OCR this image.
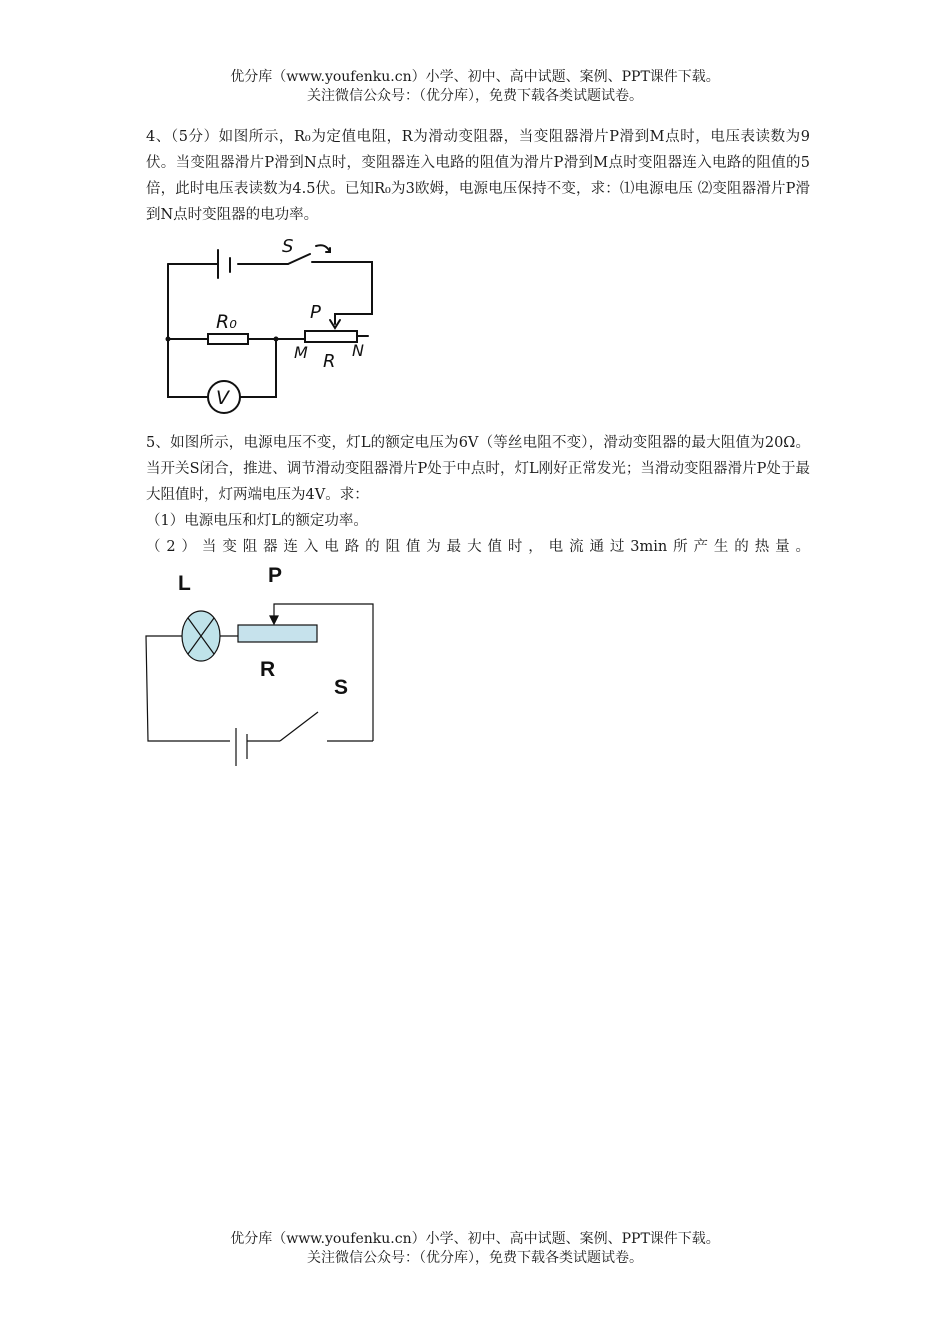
优分库（www.youfenku.cn）小学、初中、高中试题、案例、PPT课件下载。
关注微信公众号：（优分库），免费下载各类试题试卷。

4、（5分）如图所示，R₀为定值电阻，R为滑动变阻器，当变阻器滑片P滑到M点时，电压表读数为9伏。当变阻器滑片P滑到N点时，变阻器连入电路的阻值为滑片P滑到M点时变阻器连入电路的阻值的5倍，此时电压表读数为4.5伏。已知R₀为3欧姆，电源电压保持不变，求：⑴电源电压 ⑵变阻器滑片P滑到N点时变阻器的电功率。

S
R₀	P
M R
N
V

5、如图所示，电源电压不变，灯L的额定电压为6V（等丝电阻不变），滑动变阻器的最大阻值为20Ω。当开关S闭合，推进、调节滑动变阻器滑片P处于中点时，灯L刚好正常发光；当滑动变阻器滑片P处于最大阻值时，灯两端电压为4V。求：

（1）电源电压和灯L的额定功率。

（2）当变阻器连入电路的阻值为最大值时，电流通过3min所产生的热量。

L	P
R
S
优分库（www.youfenku.cn）小学、初中、高中试题、案例、PPT课件下载。
关注微信公众号：（优分库），免费下载各类试题试卷。
